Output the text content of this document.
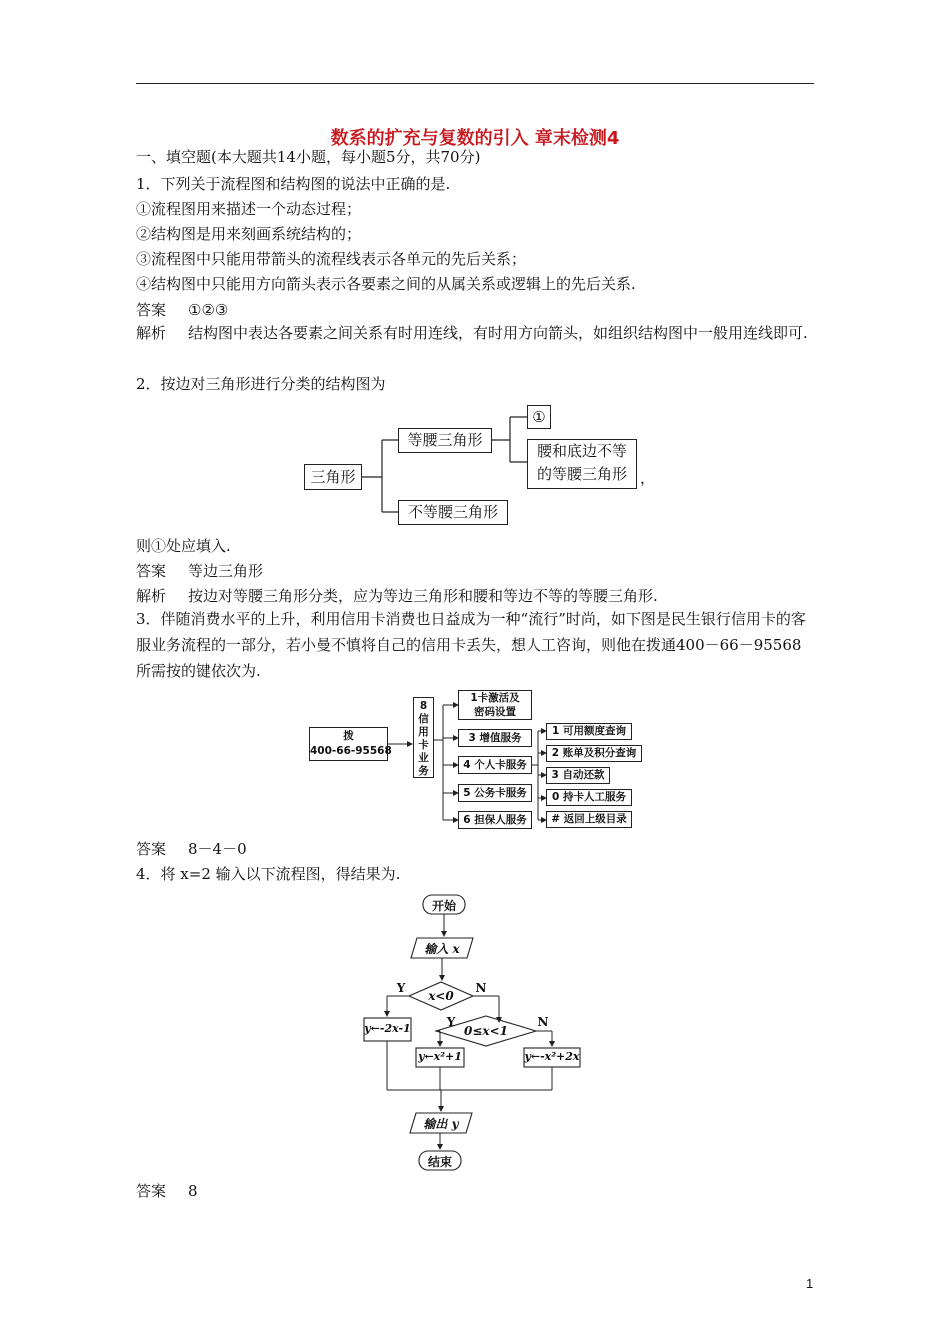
数系的扩充与复数的引入 章末检测4
一、填空题(本大题共14小题，每小题5分，共70分)
1．下列关于流程图和结构图的说法中正确的是.
①流程图用来描述一个动态过程；
②结构图是用来刻画系统结构的；
③流程图中只能用带箭头的流程线表示各单元的先后关系；
④结构图中只能用方向箭头表示各要素之间的从属关系或逻辑上的先后关系.
答案 ①②③
解析 结构图中表达各要素之间关系有时用连线，有时用方向箭头，如组织结构图中一般用连线即可.
2．按边对三角形进行分类的结构图为
三角形
等腰三角形
①
腰和底边不等
的等腰三角形 ，
不等腰三角形
则①处应填入.
答案 等边三角形
解析 按边对等腰三角形分类，应为等边三角形和腰和等边不等的等腰三角形.
3．伴随消费水平的上升，利用信用卡消费也日益成为一种“流行”时尚，如下图是民生银行信用卡的客服业务流程的一部分，若小曼不慎将自己的信用卡丢失，想人工咨询，则他在拨通400－66－95568所需按的键依次为.
拨
400-66-95568
8
信
用
卡
业
务
1卡激活及
密码设置
3 增值服务
4 个人卡服务
5 公务卡服务
6 担保人服务
1 可用额度查询
2 账单及积分查询
3 自动还款
0 持卡人工服务
# 返回上级目录
答案 8－4－0
4．将 x=2 输入以下流程图，得结果为.
开始
输入 x
x<0
Y	N
y←-2x-1	0≤x<1
Y	N
y←x²+1	y←-x²+2x
输出 y
结束
答案 8
1
